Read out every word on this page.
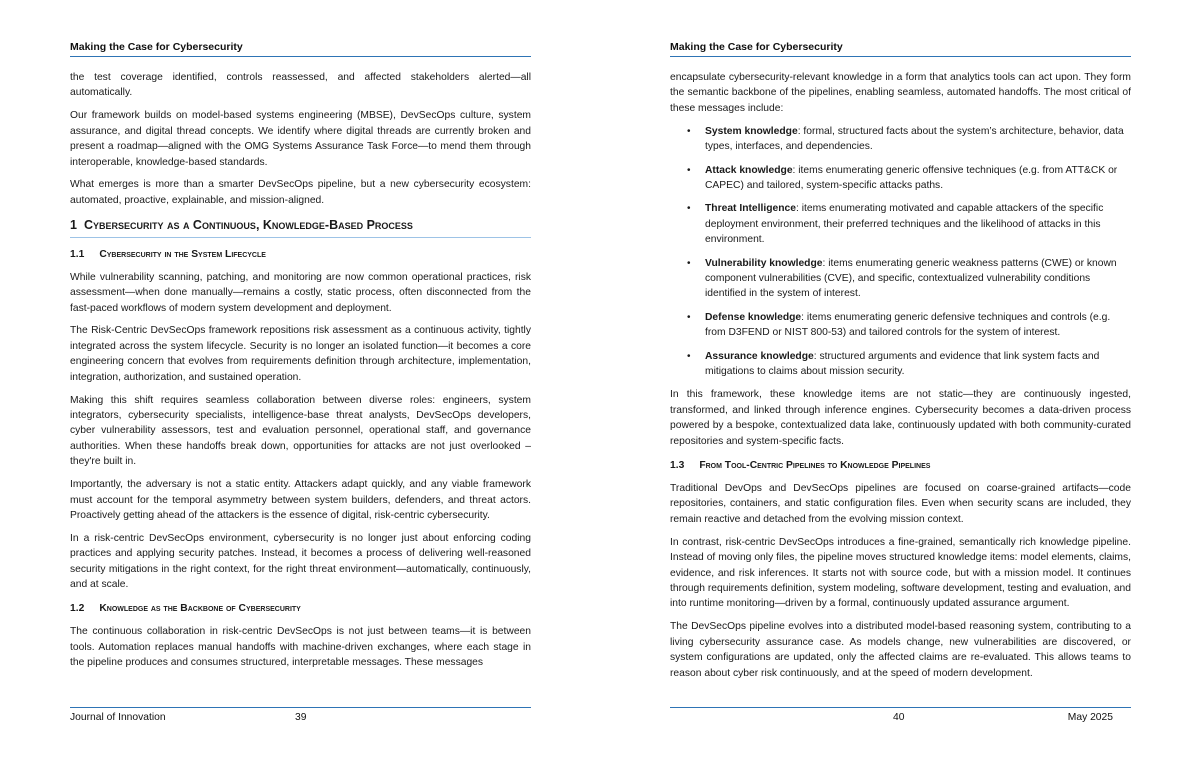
Making the Case for Cybersecurity

the test coverage identified, controls reassessed, and affected stakeholders alerted—all automatically.

Our framework builds on model-based systems engineering (MBSE), DevSecOps culture, system assurance, and digital thread concepts. We identify where digital threads are currently broken and present a roadmap—aligned with the OMG Systems Assurance Task Force—to mend them through interoperable, knowledge-based standards.

What emerges is more than a smarter DevSecOps pipeline, but a new cybersecurity ecosystem: automated, proactive, explainable, and mission-aligned.

1 Cybersecurity as a Continuous, Knowledge-Based Process
1.1 Cybersecurity in the System Lifecycle

While vulnerability scanning, patching, and monitoring are now common operational practices, risk assessment—when done manually—remains a costly, static process, often disconnected from the fast-paced workflows of modern system development and deployment.

The Risk-Centric DevSecOps framework repositions risk assessment as a continuous activity, tightly integrated across the system lifecycle. Security is no longer an isolated function—it becomes a core engineering concern that evolves from requirements definition through architecture, implementation, integration, authorization, and sustained operation.

Making this shift requires seamless collaboration between diverse roles: engineers, system integrators, cybersecurity specialists, intelligence-base threat analysts, DevSecOps developers, cyber vulnerability assessors, test and evaluation personnel, operational staff, and governance authorities. When these handoffs break down, opportunities for attacks are not just overlooked – they're built in.

Importantly, the adversary is not a static entity. Attackers adapt quickly, and any viable framework must account for the temporal asymmetry between system builders, defenders, and threat actors. Proactively getting ahead of the attackers is the essence of digital, risk-centric cybersecurity.

In a risk-centric DevSecOps environment, cybersecurity is no longer just about enforcing coding practices and applying security patches. Instead, it becomes a process of delivering well-reasoned security mitigations in the right context, for the right threat environment—automatically, continuously, and at scale.

1.2 Knowledge as the Backbone of Cybersecurity

The continuous collaboration in risk-centric DevSecOps is not just between teams—it is between tools. Automation replaces manual handoffs with machine-driven exchanges, where each stage in the pipeline produces and consumes structured, interpretable messages. These messages

Journal of Innovation	39
Making the Case for Cybersecurity

encapsulate cybersecurity-relevant knowledge in a form that analytics tools can act upon. They form the semantic backbone of the pipelines, enabling seamless, automated handoffs. The most critical of these messages include:

• System knowledge: formal, structured facts about the system’s architecture, behavior, data types, interfaces, and dependencies.
• Attack knowledge: items enumerating generic offensive techniques (e.g. from ATT&CK or CAPEC) and tailored, system-specific attacks paths.
• Threat Intelligence: items enumerating motivated and capable attackers of the specific deployment environment, their preferred techniques and the likelihood of attacks in this environment.
• Vulnerability knowledge: items enumerating generic weakness patterns (CWE) or known component vulnerabilities (CVE), and specific, contextualized vulnerability conditions identified in the system of interest.
• Defense knowledge: items enumerating generic defensive techniques and controls (e.g. from D3FEND or NIST 800-53) and tailored controls for the system of interest.
• Assurance knowledge: structured arguments and evidence that link system facts and mitigations to claims about mission security.

In this framework, these knowledge items are not static—they are continuously ingested, transformed, and linked through inference engines. Cybersecurity becomes a data-driven process powered by a bespoke, contextualized data lake, continuously updated with both community-curated repositories and system-specific facts.

1.3 From Tool-Centric Pipelines to Knowledge Pipelines

Traditional DevOps and DevSecOps pipelines are focused on coarse-grained artifacts—code repositories, containers, and static configuration files. Even when security scans are included, they remain reactive and detached from the evolving mission context.

In contrast, risk-centric DevSecOps introduces a fine-grained, semantically rich knowledge pipeline. Instead of moving only files, the pipeline moves structured knowledge items: model elements, claims, evidence, and risk inferences. It starts not with source code, but with a mission model. It continues through requirements definition, system modeling, software development, testing and evaluation, and into runtime monitoring—driven by a formal, continuously updated assurance argument.

The DevSecOps pipeline evolves into a distributed model-based reasoning system, contributing to a living cybersecurity assurance case. As models change, new vulnerabilities are discovered, or system configurations are updated, only the affected claims are re-evaluated. This allows teams to reason about cyber risk continuously, and at the speed of modern development.

40	May 2025
